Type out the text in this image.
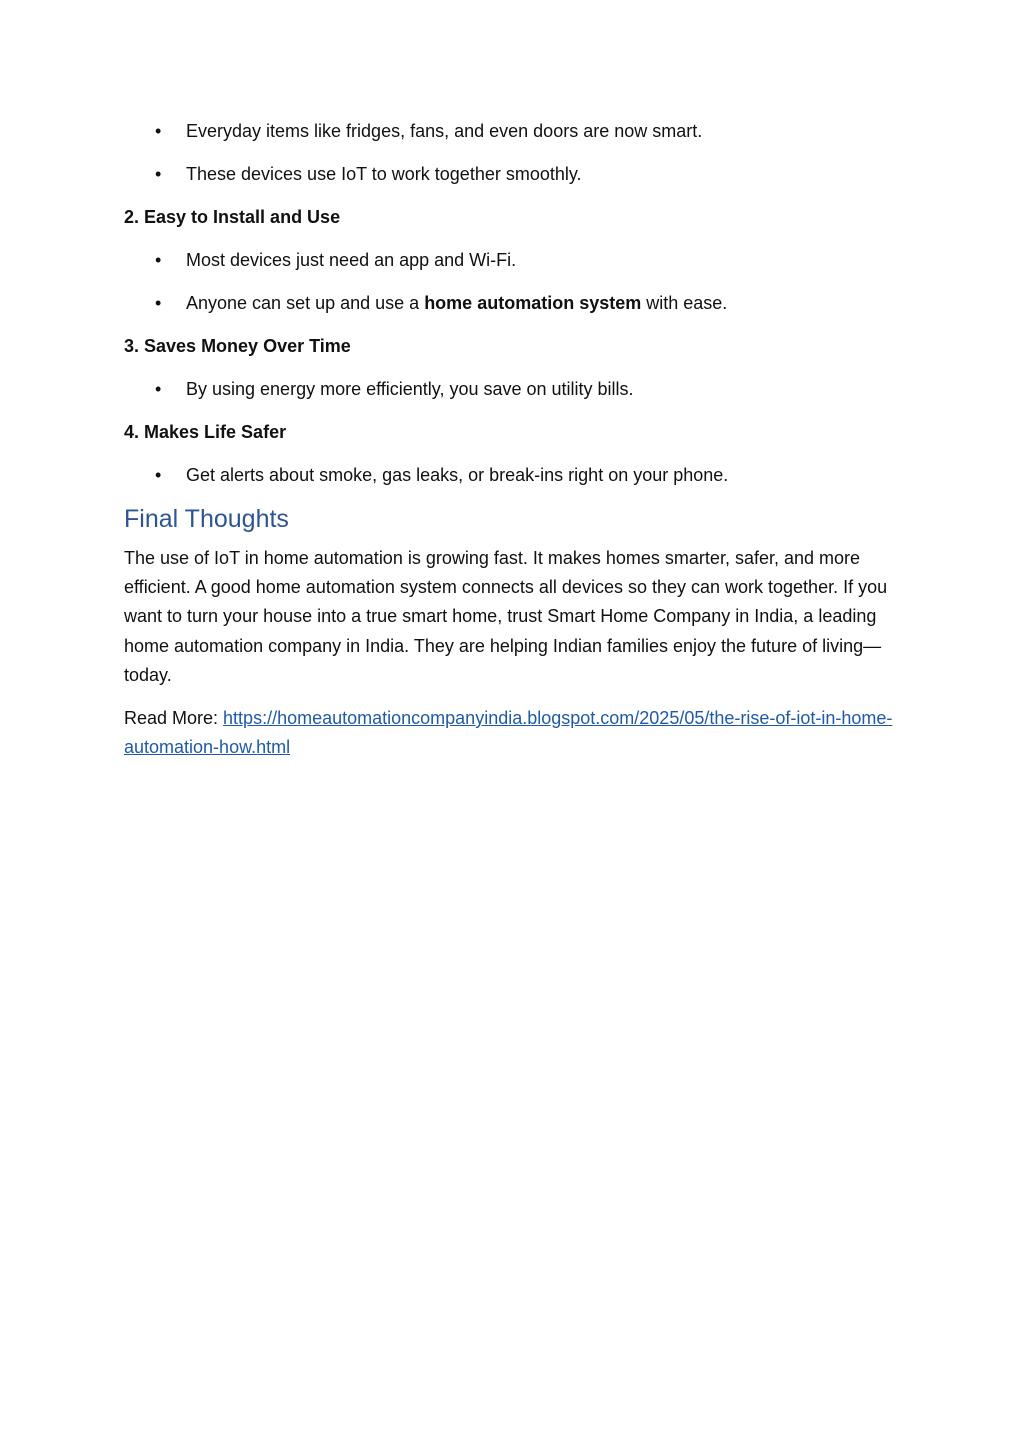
• Everyday items like fridges, fans, and even doors are now smart.
• These devices use IoT to work together smoothly.

2. Easy to Install and Use

• Most devices just need an app and Wi-Fi.
• Anyone can set up and use a home automation system with ease.

3. Saves Money Over Time

• By using energy more efficiently, you save on utility bills.

4. Makes Life Safer

• Get alerts about smoke, gas leaks, or break-ins right on your phone.
Final Thoughts

The use of IoT in home automation is growing fast. It makes homes smarter, safer, and more efficient. A good home automation system connects all devices so they can work together. If you want to turn your house into a true smart home, trust Smart Home Company in India, a leading home automation company in India. They are helping Indian families enjoy the future of living—today.

Read More: https://homeautomationcompanyindia.blogspot.com/2025/05/the-rise-of-iot-in-home-automation-how.html
